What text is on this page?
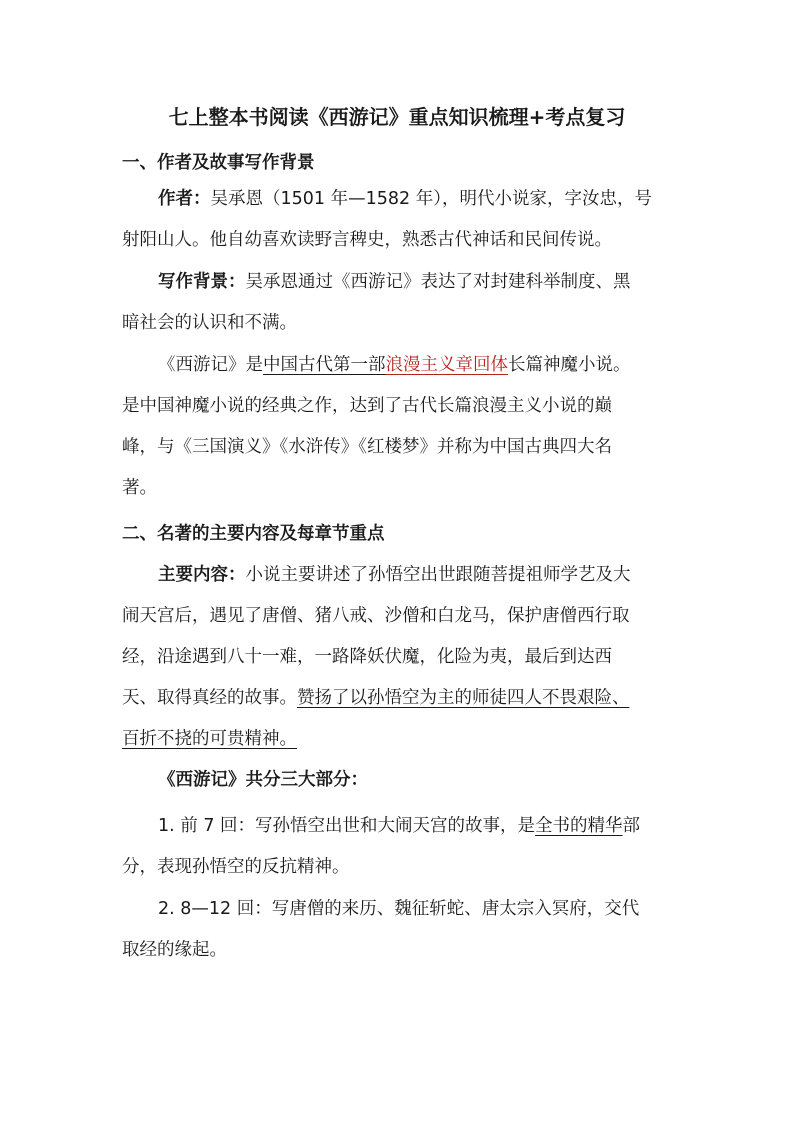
七上整本书阅读《西游记》重点知识梳理+考点复习
一、作者及故事写作背景
作者：吴承恩（1501 年—1582 年），明代小说家，字汝忠，号
射阳山人。他自幼喜欢读野言稗史，熟悉古代神话和民间传说。
写作背景：吴承恩通过《西游记》表达了对封建科举制度、黑
暗社会的认识和不满。
《西游记》是中国古代第一部浪漫主义章回体长篇神魔小说。
是中国神魔小说的经典之作，达到了古代长篇浪漫主义小说的巅
峰，与《三国演义》《水浒传》《红楼梦》并称为中国古典四大名
著。
二、名著的主要内容及每章节重点
主要内容：小说主要讲述了孙悟空出世跟随菩提祖师学艺及大
闹天宫后，遇见了唐僧、猪八戒、沙僧和白龙马，保护唐僧西行取
经，沿途遇到八十一难，一路降妖伏魔，化险为夷，最后到达西
天、取得真经的故事。赞扬了以孙悟空为主的师徒四人不畏艰险、
百折不挠的可贵精神。
《西游记》共分三大部分：
1. 前 7 回：写孙悟空出世和大闹天宫的故事，是全书的精华部
分，表现孙悟空的反抗精神。
2. 8—12 回：写唐僧的来历、魏征斩蛇、唐太宗入冥府，交代
取经的缘起。
